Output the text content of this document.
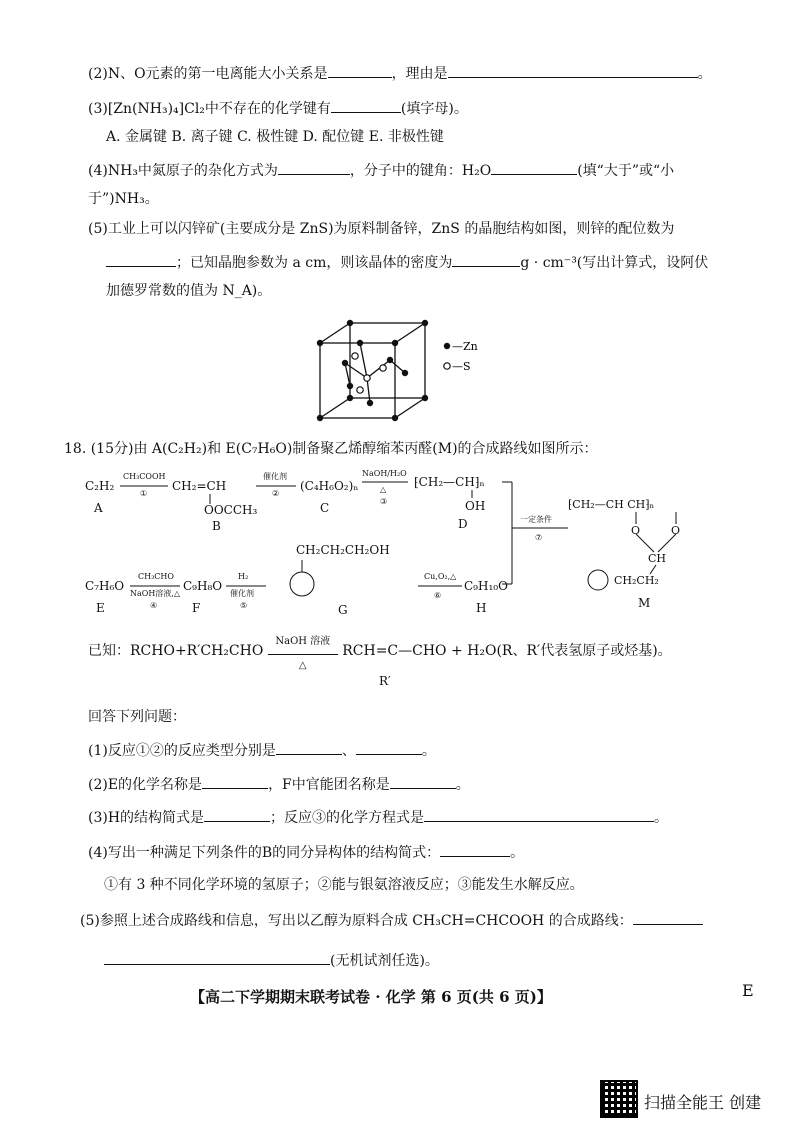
(2)N、O元素的第一电离能大小关系是	，理由是	。
(3)[Zn(NH₃)₄]Cl₂中不存在的化学键有	(填字母)。
A. 金属键 B. 离子键 C. 极性键 D. 配位键 E. 非极性键
(4)NH₃中氮原子的杂化方式为	，分子中的键角：H₂O	(填“大于”或“小
于”)NH₃。
(5)工业上可以闪锌矿(主要成分是 ZnS)为原料制备锌，ZnS 的晶胞结构如图，则锌的配位数为
；已知晶胞参数为 a cm，则该晶体的密度为	g · cm⁻³(写出计算式，设阿伏
加德罗常数的值为 N_A)。
—Zn
—S
18. (15分)由 A(C₂H₂)和 E(C₇H₆O)制备聚乙烯醇缩苯丙醛(M)的合成路线如图所示：
C₂H₂
A
CH₃COOH
①
CH₂=CH
OOCCH₃
B
催化剂
②
(C₄H₆O₂)ₙ
C
NaOH/H₂O
△
③
⁅CH₂—CH⁆ₙ
OH
D	一定条件
⑦
⁅CH₂—CH CH⁆ₙ
O	O
CH
CH₂CH₂
M
C₇H₆O
E
CH₃CHO
NaOH溶液,△
④
C₉H₈O
F
H₂
催化剂
⑤
CH₂CH₂CH₂OH
G
Cu,O₂,△
⑥
C₉H₁₀O
H
已知：RCHO+R′CH₂CHO
NaOH 溶液
△
RCH=C—CHO + H₂O(R、R′代表氢原子或烃基)。
R′
回答下列问题：
(1)反应①②的反应类型分别是	、	。
(2)E的化学名称是	，F中官能团名称是	。
(3)H的结构简式是	；反应③的化学方程式是	。
(4)写出一种满足下列条件的B的同分异构体的结构简式：	。
①有 3 种不同化学环境的氢原子；②能与银氨溶液反应；③能发生水解反应。
(5)参照上述合成路线和信息，写出以乙醇为原料合成 CH₃CH=CHCOOH 的合成路线：
(无机试剂任选)。
【高二下学期期末联考试卷 · 化学 第 6 页(共 6 页)】	E
扫描全能王 创建
